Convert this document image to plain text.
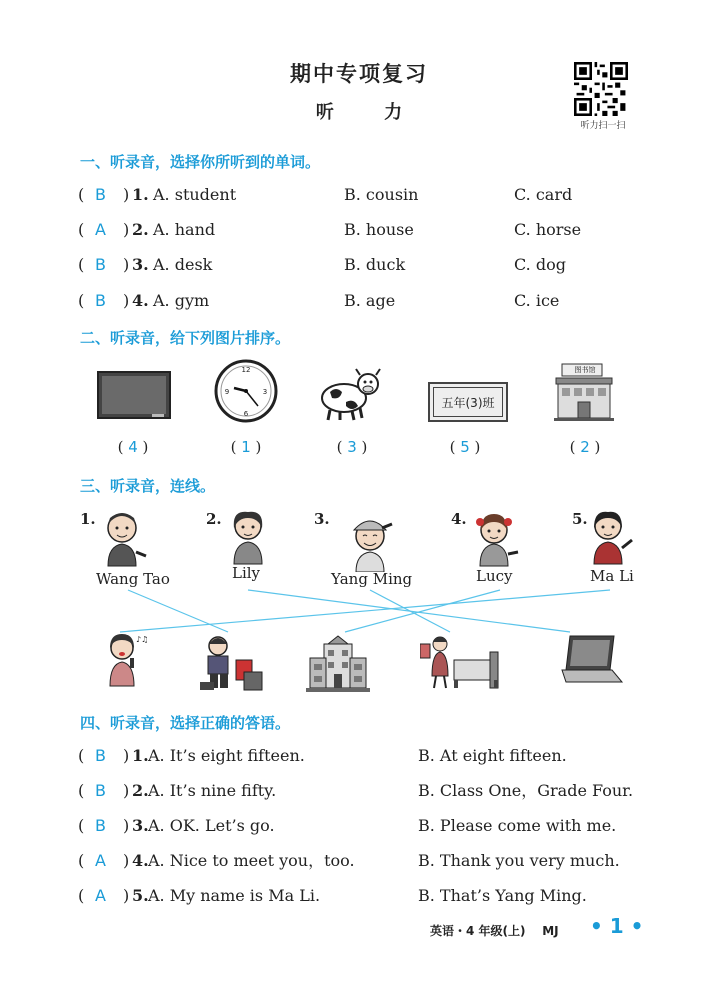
期中专项复习
听 力
听力扫一扫
一、听录音，选择你所听到的单词。
( B ) 1. A. student	B. cousin	C. card
( A ) 2. A. hand	B. house	C. horse
( B ) 3. A. desk	B. duck	C. dog
( B ) 4. A. gym	B. age	C. ice
二、听录音，给下列图片排序。
12
3
6
9
五年(3)班
图书馆
( 4 )	( 1 )	( 3 )	( 5 )	( 2 )
三、听录音，连线。
1.	2.	3.	4.	5.
Wang Tao	Lily	Yang Ming	Lucy	Ma Li
♪♫
四、听录音，选择正确的答语。
( B ) 1. A. It’s eight fifteen.	B. At eight fifteen.
( B ) 2. A. It’s nine fifty.	B. Class One，Grade Four.
( B ) 3. A. OK. Let’s go.	B. Please come with me.
( A ) 4. A. Nice to meet you，too.	B. Thank you very much.
( A ) 5. A. My name is Ma Li.	B. That’s Yang Ming.
英语・4 年级(上) MJ • 1 •
